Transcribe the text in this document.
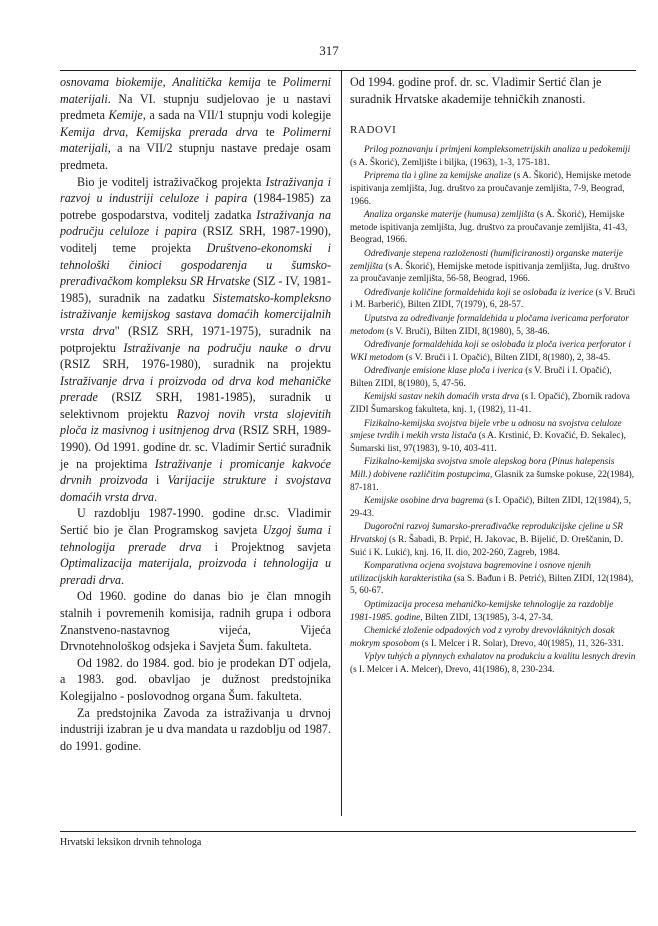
317

osnovama biokemije, Analitička kemija te Polimerni materijali. Na VI. stupnju sudjelovao je u nastavi predmeta Kemije, a sada na VII/1 stupnju vodi kolegije Kemija drva, Kemijska prerada drva te Polimerni materijali, a na VII/2 stupnju nastave predaje osam predmeta.

Bio je voditelj istraživačkog projekta Istraživanja i razvoj u industriji celuloze i papira (1984-1985) za potrebe gospodarstva, voditelj zadatka Istraživanja na području celuloze i papira (RSIZ SRH, 1987-1990), voditelj teme projekta Društveno-ekonomski i tehnološki činioci gospodarenja u šumsko-prerađivačkom kompleksu SR Hrvatske (SIZ - IV, 1981-1985), suradnik na zadatku Sistematsko-kompleksno istraživanje kemijskog sastava domaćih komercijalnih vrsta drva" (RSIZ SRH, 1971-1975), suradnik na potprojektu Istraživanje na području nauke o drvu (RSIZ SRH, 1976-1980), suradnik na projektu Istraživanje drva i proizvoda od drva kod mehaničke prerade (RSIZ SRH, 1981-1985), suradnik u selektivnom projektu Razvoj novih vrsta slojevitih ploča iz masivnog i usitnjenog drva (RSIZ SRH, 1989-1990). Od 1991. godine dr. sc. Vladimir Sertić surađnik je na projektima Istraživanje i promicanje kakvoće drvnih proizvoda i Varijacije strukture i svojstava domaćih vrsta drva.

U razdoblju 1987-1990. godine dr.sc. Vladimir Sertić bio je član Programskog savjeta Uzgoj šuma i tehnologija prerade drva i Projektnog savjeta Optimalizacija materijala, proizvoda i tehnologija u preradi drva.

Od 1960. godine do danas bio je član mnogih stalnih i povremenih komisija, radnih grupa i odbora Znanstveno-nastavnog vijeća, Vijeća Drvnotehnološkog odsjeka i Savjeta Šum. fakulteta.

Od 1982. do 1984. god. bio je prodekan DT odjela, a 1983. god. obavljao je dužnost predstojnika Kolegijalno - poslovodnog organa Šum. fakulteta.

Za predstojnika Zavoda za istraživanja u drvnoj industriji izabran je u dva mandata u razdoblju od 1987. do 1991. godine.

Od 1994. godine prof. dr. sc. Vladimir Sertić član je suradnik Hrvatske akademije tehničkih znanosti.

RADOVI

Prilog poznavanju i primjeni kompleksometrijskih analiza u pedokemiji (s A. Škorić), Zemljište i biljka, (1963), 1-3, 175-181.

Priprema tla i gline za kemijske analize (s A. Škorić), Hemijske metode ispitivanja zemljišta, Jug. društvo za proučavanje zemljišta, 7-9, Beograd, 1966.

Analiza organske materije (humusa) zemljišta (s A. Škorić), Hemijske metode ispitivanja zemljišta, Jug. društvo za proučavanje zemljišta, 41-43, Beograd, 1966.

Određivanje stepena razloženosti (humificiranosti) organske materije zemljišta (s A. Škorić), Hemijske metode ispitivanja zemljišta, Jug. društvo za proučavanje zemljišta, 56-58, Beograd, 1966.

Određivanje količine formaldehida koji se oslobađa iz iverice (s V. Bruči i M. Barberić), Bilten ZIDI, 7(1979), 6, 28-57.

Uputstva za određivanje formaldehida u pločama ivericama perforator metodom (s V. Bruči), Bilten ZIDI, 8(1980), 5, 38-46.

Određivanje formaldehida koji se oslobađa iz ploča iverica perforator i WKI metodom (s V. Bruči i I. Opačić), Bilten ZIDI, 8(1980), 2, 38-45.

Određivanje emisione klase ploča i iverica (s V. Bruči i I. Opačić), Bilten ZIDI, 8(1980), 5, 47-56.

Kemijski sastav nekih domaćih vrsta drva (s I. Opačić), Zbornik radova ZIDI Šumarskog fakulteta, knj. 1, (1982), 11-41.

Fizikalno-kemijska svojstva bijele vrbe u odnosu na svojstva celuloze smjese tvrdih i mekih vrsta listača (s A. Krstinić, Đ. Kovačić, Đ. Sekalec), Šumarski list, 97(1983), 9-10, 403-411.

Fizikalno-kemijska svojstva smole alepskog bora (Pinus halepensis Mill.) dobivene različitim postupcima, Glasnik za šumske pokuse, 22(1984), 87-181.

Kemijske osobine drva bagrema (s I. Opačić), Bilten ZIDI, 12(1984), 5, 29-43.

Dugoročni razvoj šumarsko-prerađivačke reprodukcijske cjeline u SR Hrvatskoj (s R. Šabadi, B. Prpić, H. Jakovac, B. Bijelić, D. Oreščanin, D. Suić i K. Lukić), knj. 16, II. dio, 202-260, Zagreb, 1984.

Komparativna ocjena svojstava bagremovine i osnove njenih utilizacijskih karakteristika (sa S. Bađun i B. Petrić), Bilten ZIDI, 12(1984), 5, 60-67.

Optimizacija procesa mehaničko-kemijske tehnologije za razdoblje 1981-1985. godine, Bilten ZIDI, 13(1985), 3-4, 27-34.

Chemické zloženie odpadových vod z vyroby drevovláknitých dosak mokrym sposobom (s I. Melcer i R. Solar), Drevo, 40(1985), 11, 326-331.

Vplyv tuhých a plynnych exhalatov na produkciu a kvalitu lesnych drevin (s I. Melcer i A. Melcer), Drevo, 41(1986), 8, 230-234.

Hrvatski leksikon drvnih tehnologa
